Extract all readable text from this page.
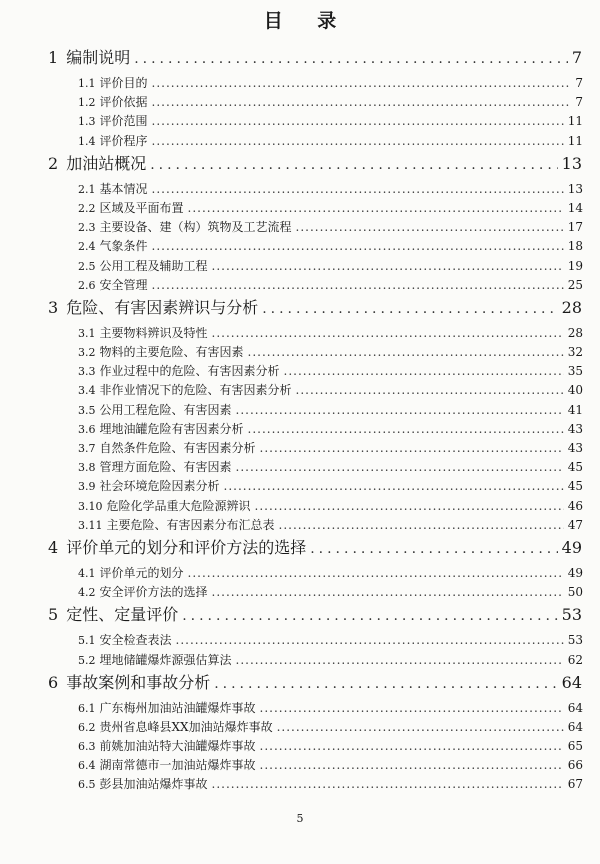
目 录
1 编制说明 .....	7
1.1 评价目的 .....	7
1.2 评价依据 .....	7
1.3 评价范围 .....	11
1.4 评价程序 .....	11
2 加油站概况 .....	13
2.1 基本情况 .....	13
2.2 区域及平面布置 .....	14
2.3 主要设备、建（构）筑物及工艺流程 .....	17
2.4 气象条件 .....	18
2.5 公用工程及辅助工程 .....	19
2.6 安全管理 .....	25
3 危险、有害因素辨识与分析 .....	28
3.1 主要物料辨识及特性 .....	28
3.2 物料的主要危险、有害因素 .....	32
3.3 作业过程中的危险、有害因素分析 .....	35
3.4 非作业情况下的危险、有害因素分析 .....	40
3.5 公用工程危险、有害因素 .....	41
3.6 埋地油罐危险有害因素分析 .....	43
3.7 自然条件危险、有害因素分析 .....	43
3.8 管理方面危险、有害因素 .....	45
3.9 社会环境危险因素分析 .....	45
3.10 危险化学品重大危险源辨识 .....	46
3.11 主要危险、有害因素分布汇总表 .....	47
4 评价单元的划分和评价方法的选择 .....	49
4.1 评价单元的划分 .....	49
4.2 安全评价方法的选择 .....	50
5 定性、定量评价 .....	53
5.1 安全检查表法 .....	53
5.2 埋地储罐爆炸源强估算法 .....	62
6 事故案例和事故分析 .....	64
6.1 广东梅州加油站油罐爆炸事故 .....	64
6.2 贵州省息峰县XX加油站爆炸事故 .....	64
6.3 前姚加油站特大油罐爆炸事故 .....	65
6.4 湖南常德市一加油站爆炸事故 .....	66
6.5 彭县加油站爆炸事故 .....	67
5
